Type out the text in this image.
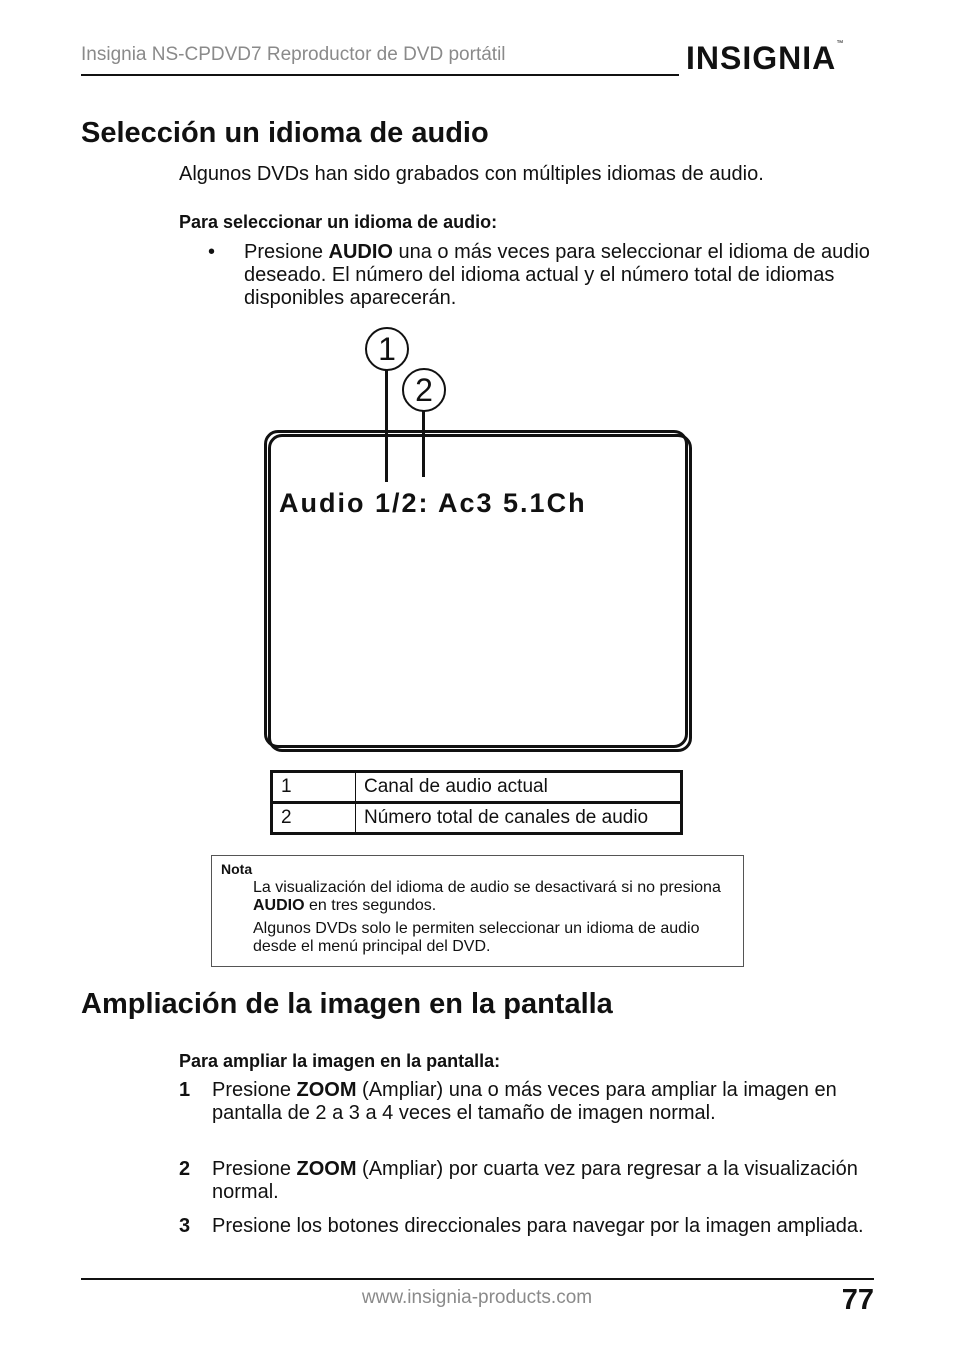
Insignia NS-CPDVD7 Reproductor de DVD portátil	INSIGNIA™
Selección un idioma de audio
Algunos DVDs han sido grabados con múltiples idiomas de audio.
Para seleccionar un idioma de audio:
• Presione AUDIO una o más veces para seleccionar el idioma de audio deseado. El número del idioma actual y el número total de idiomas disponibles aparecerán.
1
2
Audio 1/2: Ac3 5.1Ch
1	Canal de audio actual
2	Número total de canales de audio
Nota
La visualización del idioma de audio se desactivará si no presiona AUDIO en tres segundos.
Algunos DVDs solo le permiten seleccionar un idioma de audio desde el menú principal del DVD.
Ampliación de la imagen en la pantalla
Para ampliar la imagen en la pantalla:
1 Presione ZOOM (Ampliar) una o más veces para ampliar la imagen en pantalla de 2 a 3 a 4 veces el tamaño de imagen normal.
2 Presione ZOOM (Ampliar) por cuarta vez para regresar a la visualización normal.
3 Presione los botones direccionales para navegar por la imagen ampliada.
www.insignia-products.com	77
